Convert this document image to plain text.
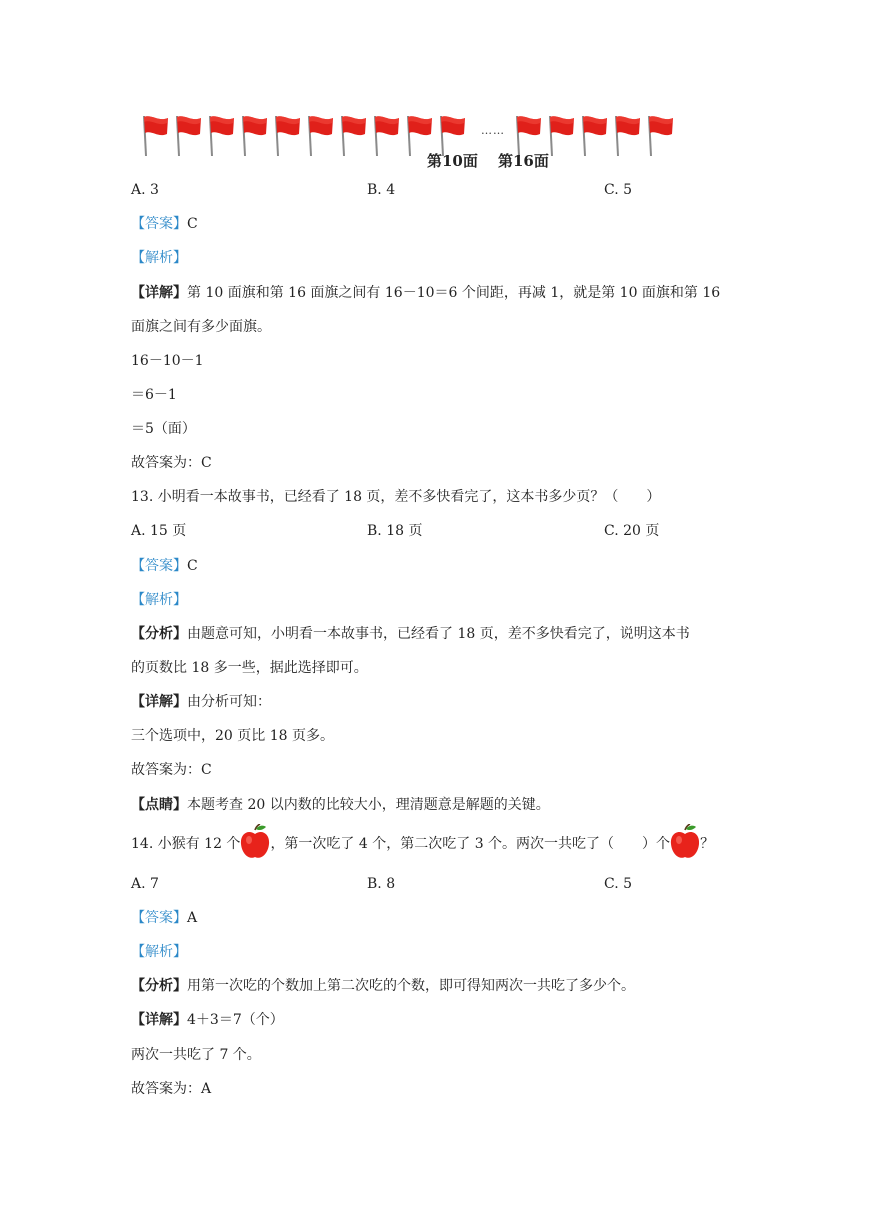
……
第10面 第16面
A. 3	B. 4	C. 5
【答案】C
【解析】
【详解】第 10 面旗和第 16 面旗之间有 16－10＝6 个间距，再减 1，就是第 10 面旗和第 16
面旗之间有多少面旗。
16－10－1
＝6－1
＝5（面）
故答案为：C
13. 小明看一本故事书，已经看了 18 页，差不多快看完了，这本书多少页？（　　）
A. 15 页	B. 18 页	C. 20 页
【答案】C
【解析】
【分析】由题意可知，小明看一本故事书，已经看了 18 页，差不多快看完了，说明这本书
的页数比 18 多一些，据此选择即可。
【详解】由分析可知：
三个选项中，20 页比 18 页多。
故答案为：C
【点睛】本题考查 20 以内数的比较大小，理清题意是解题的关键。
14. 小猴有 12 个 ，第一次吃了 4 个，第二次吃了 3 个。两次一共吃了（　　）个 ？
A. 7	B. 8	C. 5
【答案】A
【解析】
【分析】用第一次吃的个数加上第二次吃的个数，即可得知两次一共吃了多少个。
【详解】4＋3＝7（个）
两次一共吃了 7 个。
故答案为：A
